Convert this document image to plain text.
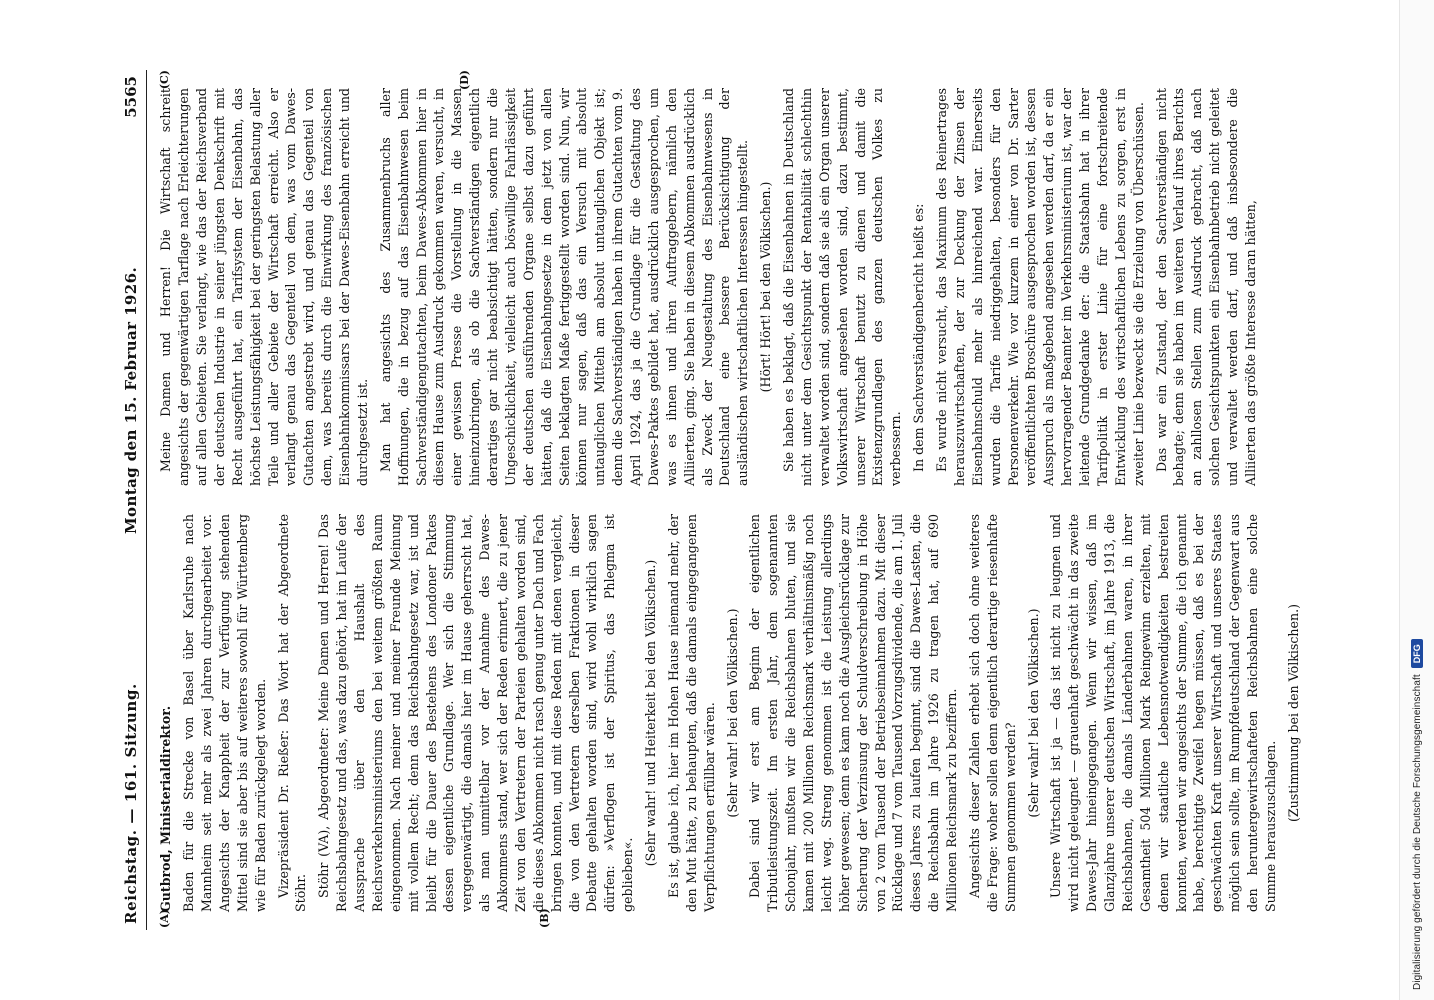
Digitalisierung gefördert durch die Deutsche Forschungsgemeinschaft
DFG
Reichstag. — 161. Sitzung.
Montag den 15. Februar 1926.
5565
(A)	(B)

Gutbrod, Ministerialdirektor. Baden für die Strecke von Basel über Karlsruhe nach Mannheim seit mehr als zwei Jahren durchgearbeitet vor. Angesichts der Knappheit der zur Verfügung stehenden Mittel sind sie aber bis auf weiteres sowohl für Württemberg wie für Baden zurückgelegt worden. Vizepräsident Dr. Rießer: Das Wort hat der Abgeordnete Stöhr. Stöhr (VA), Abgeordneter: Meine Damen und Herren! Das Reichsbahngesetz und das, was dazu gehört, hat im Laufe der Aussprache über den Haushalt des Reichsverkehrsministeriums den bei weitem größten Raum eingenommen. Nach meiner und meiner Freunde Meinung mit vollem Recht; denn das Reichsbahngesetz war, ist und bleibt für die Dauer des Bestehens des Londoner Paktes dessen eigentliche Grundlage. Wer sich die Stimmung vergegenwärtigt, die damals hier im Hause geherrscht hat, als man unmittelbar vor der Annahme des Dawes-Abkommens stand, wer sich der Reden erinnert, die zu jener Zeit von den Vertretern der Parteien gehalten worden sind, die dieses Abkommen nicht rasch genug unter Dach und Fach bringen konnten, und mit diese Reden mit denen vergleicht, die von den Vertretern derselben Fraktionen in dieser Debatte gehalten worden sind, wird wohl wirklich sagen dürfen: »Verflogen ist der Spiritus, das Phlegma ist geblieben«.

(Sehr wahr! und Heiterkeit bei den Völkischen.) Es ist, glaube ich, hier im Hohen Hause niemand mehr, der den Mut hätte, zu behaupten, daß die damals eingegangenen Verpflichtungen erfüllbar wären. (Sehr wahr! bei den Völkischen.) Dabei sind wir erst am Beginn der eigentlichen Tributleistungszeit. Im ersten Jahr, dem sogenannten Schonjahr, mußten wir die Reichsbahnen bluten, und sie kamen mit 200 Millionen Reichsmark verhältnismäßig noch leicht weg. Streng genommen ist die Leistung allerdings höher gewesen; denn es kam noch die Ausgleichsrücklage zur Sicherung der Verzinsung der Schuldverschreibung in Höhe von 2 vom Tausend der Betriebseinnahmen dazu. Mit dieser Rücklage und 7 vom Tausend Vorzugsdividende, die am 1. Juli dieses Jahres zu laufen beginnt, sind die Dawes-Lasten, die die Reichsbahn im Jahre 1926 zu tragen hat, auf 690 Millionen Reichsmark zu beziffern. Angesichts dieser Zahlen erhebt sich doch ohne weiteres die Frage: woher sollen denn eigentlich derartige riesenhafte Summen genommen werden? (Sehr wahr! bei den Völkischen.) Unsere Wirtschaft ist ja — das ist nicht zu leugnen und wird nicht geleugnet — grauenhaft geschwächt in das zweite Dawes-Jahr hineingegangen. Wenn wir wissen, daß im Glanzjahre unserer deutschen Wirtschaft, im Jahre 1913, die Reichsbahnen, die damals Länderbahnen waren, in ihrer Gesamtheit 504 Millionen Mark Reingewinn erzielten, mit denen wir staatliche Lebensnotwendigkeiten bestreiten konnten, werden wir angesichts der Summe, die ich genannt habe, berechtigte Zweifel hegen müssen, daß es bei der geschwächten Kraft unserer Wirtschaft und unseres Staates möglich sein sollte, im Rumpfdeutschland der Gegenwart aus den heruntergewirtschafteten Reichsbahnen eine solche Summe herauszuschlagen.

(Zustimmung bei den Völkischen.)

(C)	(D)

Meine Damen und Herren! Die Wirtschaft schreit angesichts der gegenwärtigen Tarflage nach Erleichterungen auf allen Gebieten. Sie verlangt, wie das der Reichsverband der deutschen Industrie in seiner jüngsten Denkschrift mit Recht ausgeführt hat, ein Tarifsystem der Eisenbahn, das höchste Leistungsfähigkeit bei der geringsten Belastung aller Teile und aller Gebiete der Wirtschaft erreicht. Also er verlangt genau das Gegenteil von dem, was vom Dawes-Gutachten angestrebt wird, und genau das Gegenteil von dem, was bereits durch die Einwirkung des französischen Eisenbahnkommissars bei der Dawes-Eisenbahn erreicht und durchgesetzt ist. Man hat angesichts des Zusammenbruchs aller Hoffnungen, die in bezug auf das Eisenbahnwesen beim Sachverständigengutachten, beim Dawes-Abkommen hier in diesem Hause zum Ausdruck gekommen waren, versucht, in einer gewissen Presse die Vorstellung in die Massen hineinzubringen, als ob die Sachverständigen eigentlich derartiges gar nicht beabsichtigt hätten, sondern nur die Ungeschicklichkeit, vielleicht auch böswillige Fahrlässigkeit der deutschen ausführenden Organe selbst dazu geführt hätten, daß die Eisenbahngesetze in dem jetzt von allen Seiten beklagten Maße fertiggestellt worden sind. Nun, wir können nur sagen, daß das ein Versuch mit absolut untauglichen Mitteln am absolut untauglichen Objekt ist; denn die Sachverständigen haben in ihrem Gutachten vom 9. April 1924, das ja die Grundlage für die Gestaltung des Dawes-Paktes gebildet hat, ausdrücklich ausgesprochen, um was es ihnen und ihren Auftraggebern, nämlich den Alliierten, ging. Sie haben in diesem Abkommen ausdrücklich als Zweck der Neugestaltung des Eisenbahnwesens in Deutschland eine bessere Berücksichtigung der ausländischen wirtschaftlichen Interessen hingestellt. (Hört! Hört! bei den Völkischen.) Sie haben es beklagt, daß die Eisenbahnen in Deutschland nicht unter dem Gesichtspunkt der Rentabilität schlechthin verwaltet worden sind, sondern daß sie als ein Organ unserer Volkswirtschaft angesehen worden sind, dazu bestimmt, unserer Wirtschaft benutzt zu dienen und damit die Existenzgrundlagen des ganzen deutschen Volkes zu verbessern. In dem Sachverständigenbericht heißt es: Es wurde nicht versucht, das Maximum des Reinertrages herauszuwirtschaften, der zur Deckung der Zinsen der Eisenbahnschuld mehr als hinreichend war. Einerseits wurden die Tarife niedriggehalten, besonders für den Personenverkehr. Wie vor kurzem in einer von Dr. Sarter veröffentlichten Broschüre ausgesprochen worden ist, dessen Ausspruch als maßgebend angesehen werden darf, da er ein hervorragender Beamter im Verkehrsministerium ist, war der leitende Grundgedanke der: die Staatsbahn hat in ihrer Tarifpolitik in erster Linie für eine fortschreitende Entwicklung des wirtschaftlichen Lebens zu sorgen, erst in zweiter Linie bezweckt sie die Erzielung von Überschüssen. Das war ein Zustand, der den Sachverständigen nicht behagte; denn sie haben im weiteren Verlauf ihres Berichts an zahllosen Stellen zum Ausdruck gebracht, daß nach solchen Gesichtspunkten ein Eisenbahnbetrieb nicht geleitet und verwaltet werden darf, und daß insbesondere die Alliierten das größte Interesse daran hätten,
